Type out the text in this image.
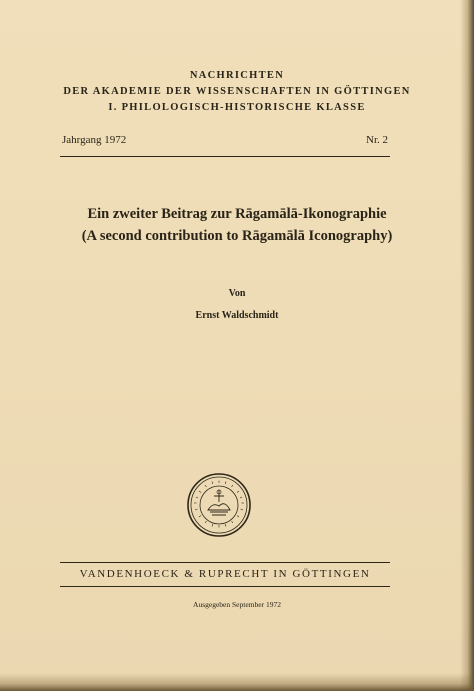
NACHRICHTEN
DER AKADEMIE DER WISSENSCHAFTEN IN GÖTTINGEN
I. PHILOLOGISCH-HISTORISCHE KLASSE
Jahrgang 1972	Nr. 2
Ein zweiter Beitrag zur Rāgamālā-Ikonographie
(A second contribution to Rāgamālā Iconography)
Von
Ernst Waldschmidt
VANDENHOECK & RUPRECHT IN GÖTTINGEN
Ausgegeben September 1972
